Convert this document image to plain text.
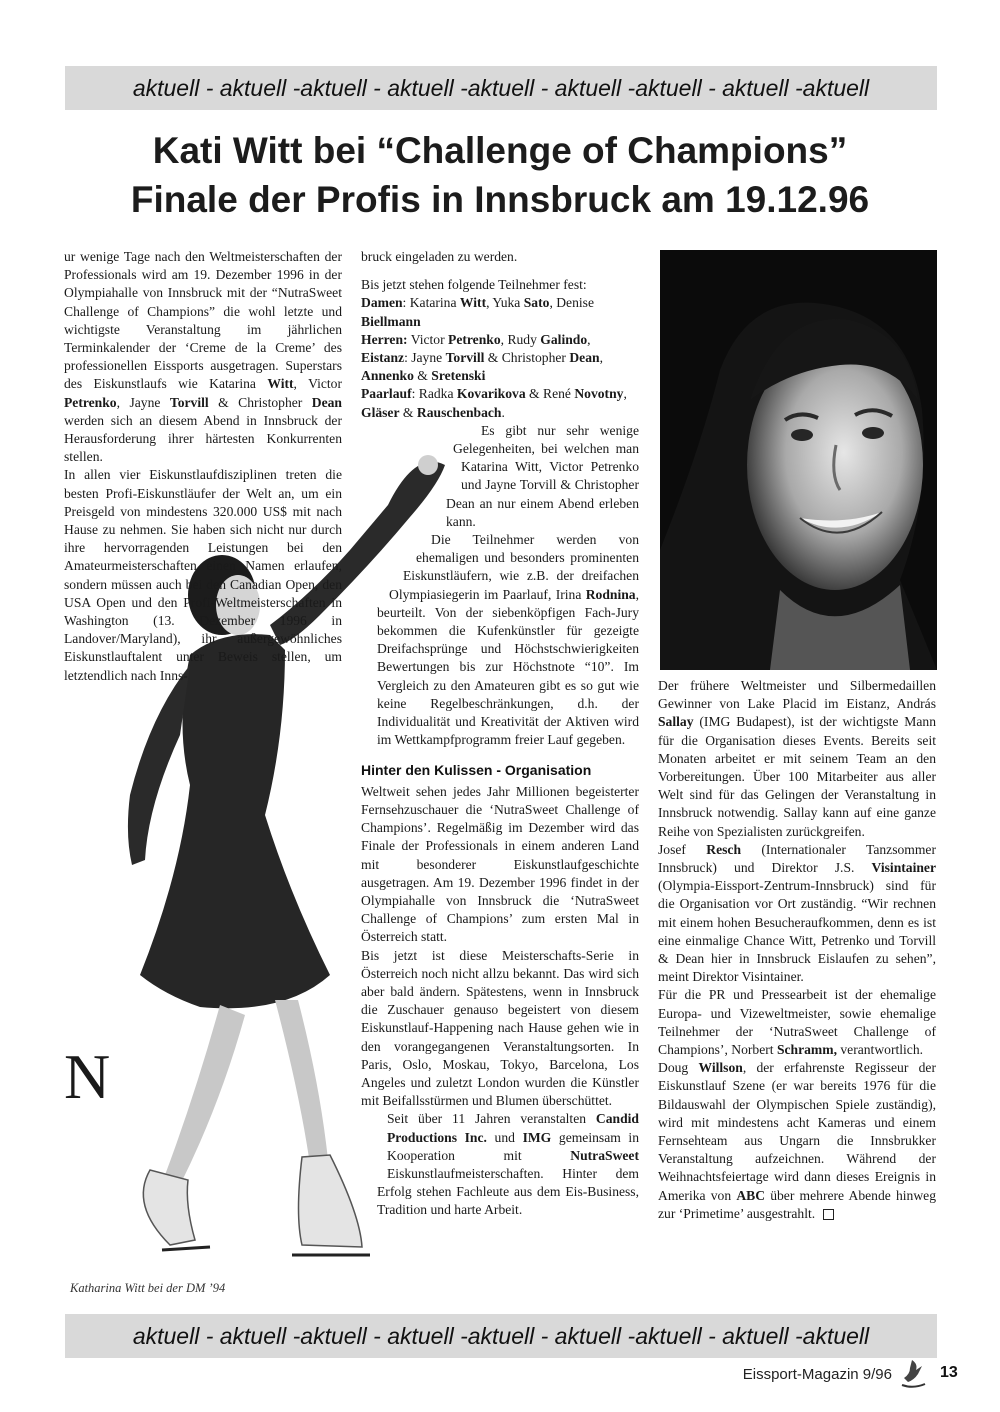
aktuell - aktuell -aktuell - aktuell -aktuell - aktuell -aktuell - aktuell -aktuell
Kati Witt bei “Challenge of Champions”
Finale der Profis in Innsbruck am 19.12.96

N
ur wenige Tage nach den Weltmeisterschaften der Professionals wird am 19. Dezember 1996 in der Olympiahalle von Innsbruck mit der “NutraSweet Challenge of Champions” die wohl letzte und wichtigste Veranstaltung im jährlichen Terminkalender der ‘Creme de la Creme’ des professionellen Eissports ausgetragen. Superstars des Eiskunstlaufs wie Katarina Witt, Victor Petrenko, Jayne Torvill & Christopher Dean werden sich an diesem Abend in Innsbruck der Herausforderung ihrer härtesten Konkurrenten stellen.

In allen vier Eiskunstlaufdisziplinen treten die besten Profi-Eiskunstläufer der Welt an, um ein Preisgeld von mindestens 320.000 US$ mit nach Hause zu nehmen. Sie haben sich nicht nur durch ihre hervorragenden Leistungen bei den Amateurmeisterschaften einen Namen erlaufen, sondern müssen auch bei den Canadian Open, den USA Open und den Profi-Weltmeisterschaften in Washington (13. Dezember 1996 in Landover/Maryland), ihr außergewöhnliches Eiskunstlauftalent unter Beweis stellen, um letztendlich nach Inns-

bruck eingeladen zu werden.

Bis jetzt stehen folgende Teilnehmer fest:

Damen: Katarina Witt, Yuka Sato, Denise Biellmann

Herren: Victor Petrenko, Rudy Galindo,

Eistanz: Jayne Torvill & Christopher Dean, Annenko & Sretenski

Paarlauf: Radka Kovarikova & René Novotny, Gläser & Rauschenbach.

Es gibt nur sehr wenige Gelegenheiten, bei welchen man Katarina Witt, Victor Petrenko und Jayne Torvill & Christopher Dean an nur einem Abend erleben kann.

Die Teilnehmer werden von ehemaligen und besonders prominenten Eiskunstläufern, wie z.B. der dreifachen Olympiasiegerin im Paarlauf, Irina Rodnina, beurteilt. Von der siebenköpfigen Fach-Jury bekommen die Kufenkünstler für gezeigte Dreifachsprünge und Höchstschwierigkeiten Bewertungen bis zur Höchstnote “10”. Im Vergleich zu den Amateuren gibt es so gut wie keine Regelbeschränkungen, d.h. der Individualität und Kreativität der Aktiven wird im Wettkampfprogramm freier Lauf gegeben.

Hinter den Kulissen - Organisation

Weltweit sehen jedes Jahr Millionen begeisterter Fernsehzuschauer die ‘NutraSweet Challenge of Champions’. Regelmäßig im Dezember wird das Finale der Professionals in einem anderen Land mit besonderer Eiskunstlaufgeschichte ausgetragen. Am 19. Dezember 1996 findet in der Olympiahalle von Innsbruck die ‘NutraSweet Challenge of Champions’ zum ersten Mal in Österreich statt.

Bis jetzt ist diese Meisterschafts-Serie in Österreich noch nicht allzu bekannt. Das wird sich aber bald ändern. Spätestens, wenn in Innsbruck die Zuschauer genauso begeistert von diesem Eiskunstlauf-Happening nach Hause gehen wie in den vorangegangenen Veranstaltungsorten. In Paris, Oslo, Moskau, Tokyo, Barcelona, Los Angeles und zuletzt London wurden die Künstler mit Beifallsstürmen und Blumen überschüttet.

Seit über 11 Jahren veranstalten Candid Productions Inc. und IMG gemeinsam in Kooperation mit NutraSweet Eiskunstlaufmeisterschaften. Hinter dem Erfolg stehen Fachleute aus dem Eis-Business, Tradition und harte Arbeit.

Der frühere Weltmeister und Silbermedaillen Gewinner von Lake Placid im Eistanz, András Sallay (IMG Budapest), ist der wichtigste Mann für die Organisation dieses Events. Bereits seit Monaten arbeitet er mit seinem Team an den Vorbereitungen. Über 100 Mitarbeiter aus aller Welt sind für das Gelingen der Veranstaltung in Innsbruck notwendig. Sallay kann auf eine ganze Reihe von Spezialisten zurückgreifen.

Josef Resch (Internationaler Tanzsommer Innsbruck) und Direktor J.S. Visintainer (Olympia-Eissport-Zentrum-Innsbruck) sind für die Organisation vor Ort zuständig. “Wir rechnen mit einem hohen Besucheraufkommen, denn es ist eine einmalige Chance Witt, Petrenko und Torvill & Dean hier in Innsbruck Eislaufen zu sehen”, meint Direktor Visintainer.

Für die PR und Pressearbeit ist der ehemalige Europa- und Vizeweltmeister, sowie ehemalige Teilnehmer der ‘NutraSweet Challenge of Champions’, Norbert Schramm, verantwortlich.

Doug Willson, der erfahrenste Regisseur der Eiskunstlauf Szene (er war bereits 1976 für die Bildauswahl der Olympischen Spiele zuständig), wird mit mindestens acht Kameras und einem Fernsehteam aus Ungarn die Innsbrukker Veranstaltung aufzeichnen. Während der Weihnachtsfeiertage wird dann dieses Ereignis in Amerika von ABC über mehrere Abende hinweg zur ‘Primetime’ ausgestrahlt.

Katharina Witt bei der DM ’94
aktuell - aktuell -aktuell - aktuell -aktuell - aktuell -aktuell - aktuell -aktuell
Eissport-Magazin 9/96	13
